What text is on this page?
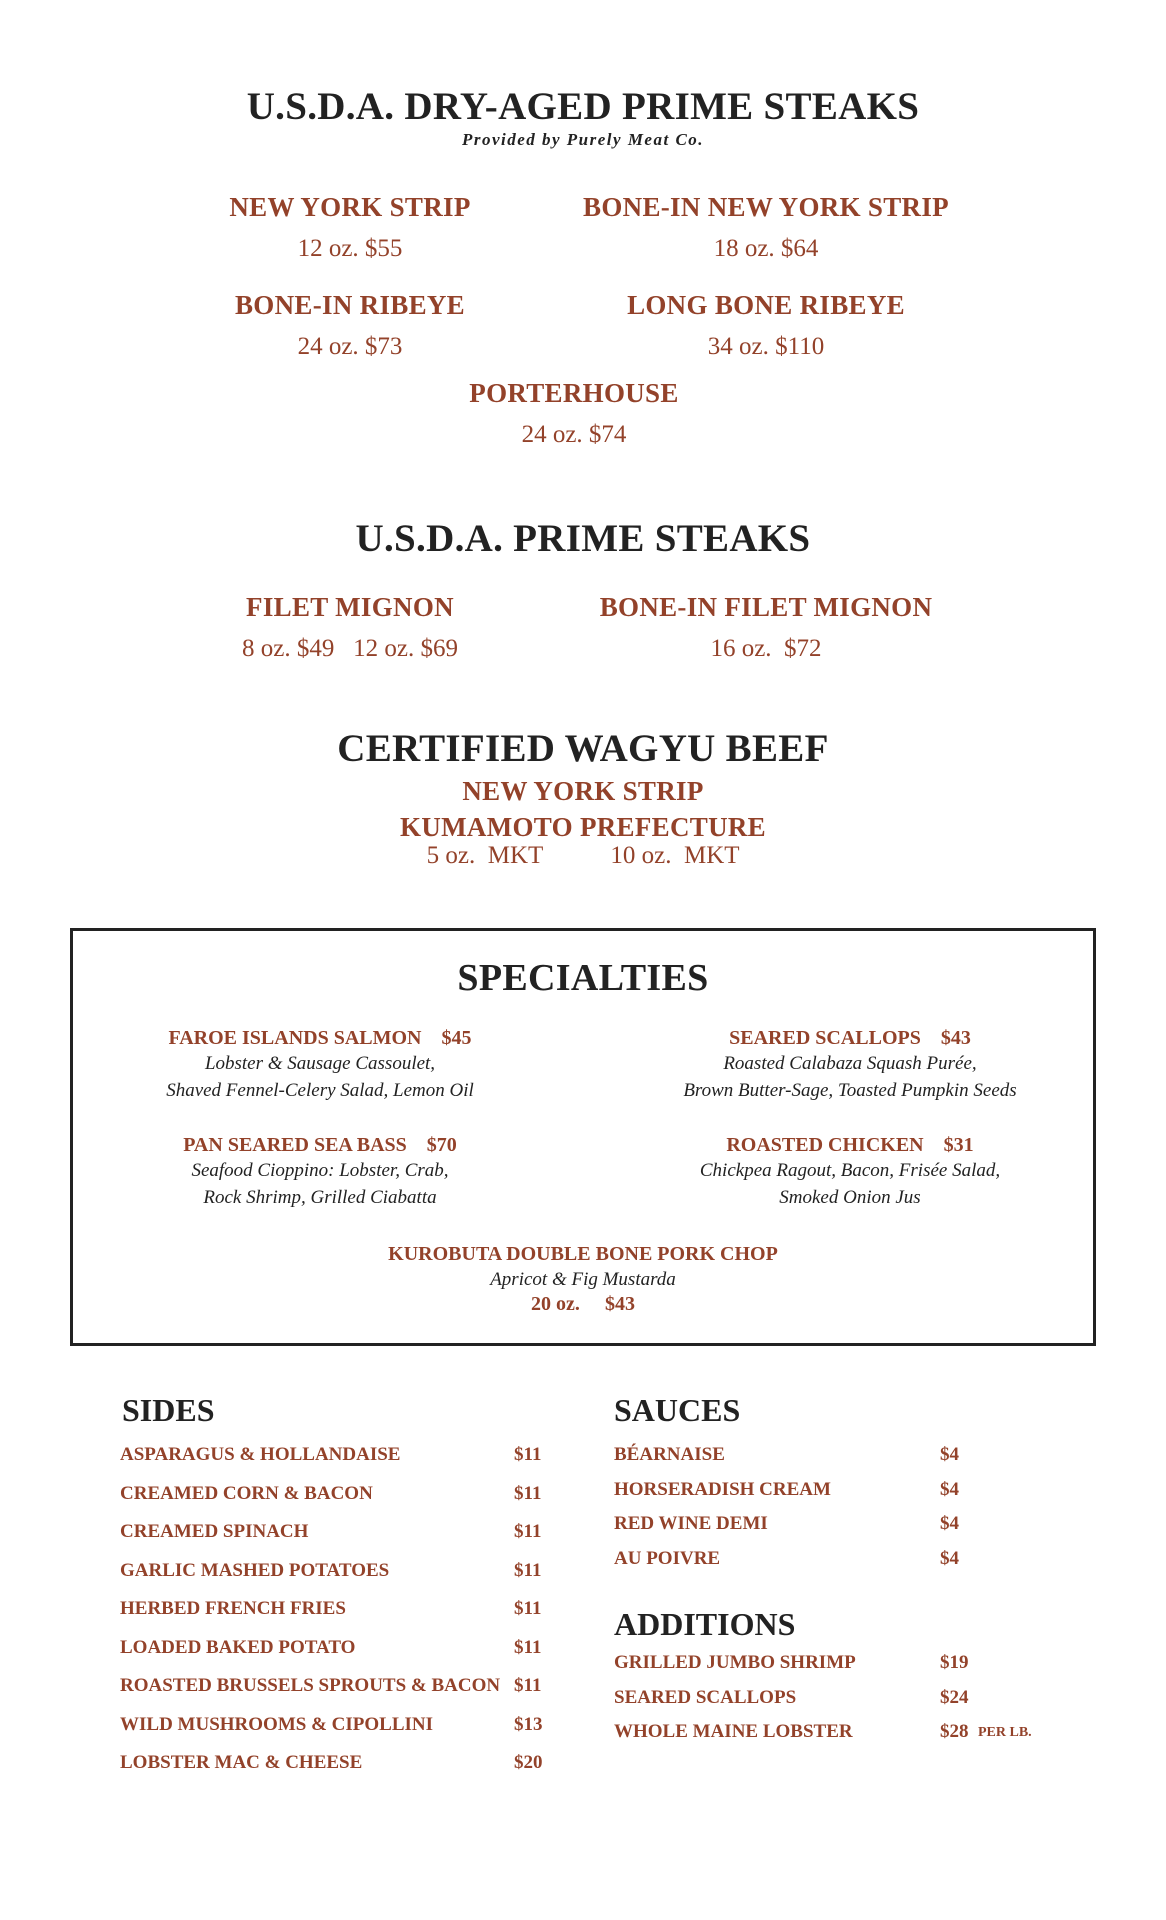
U.S.D.A. DRY-AGED PRIME STEAKS
Provided by Purely Meat Co.
NEW YORK STRIP
12 oz. $55
BONE-IN NEW YORK STRIP
18 oz. $64
BONE-IN RIBEYE
24 oz. $73
LONG BONE RIBEYE
34 oz. $110
PORTERHOUSE
24 oz. $74
U.S.D.A. PRIME STEAKS
FILET MIGNON
8 oz. $49   12 oz. $69
BONE-IN FILET MIGNON
16 oz.  $72
CERTIFIED WAGYU BEEF
NEW YORK STRIP
KUMAMOTO PREFECTURE
5 oz.  MKT	10 oz.  MKT
SPECIALTIES
FAROE ISLANDS SALMON $45
Lobster & Sausage Cassoulet,
Shaved Fennel-Celery Salad, Lemon Oil
SEARED SCALLOPS $43
Roasted Calabaza Squash Purée,
Brown Butter-Sage, Toasted Pumpkin Seeds
PAN SEARED SEA BASS $70
Seafood Cioppino: Lobster, Crab,
Rock Shrimp, Grilled Ciabatta
ROASTED CHICKEN $31
Chickpea Ragout, Bacon, Frisée Salad,
Smoked Onion Jus
KUROBUTA DOUBLE BONE PORK CHOP
Apricot & Fig Mustarda
20 oz. $43
SIDES
ASPARAGUS & HOLLANDAISE	$11
CREAMED CORN & BACON	$11
CREAMED SPINACH	$11
GARLIC MASHED POTATOES	$11
HERBED FRENCH FRIES	$11
LOADED BAKED POTATO	$11
ROASTED BRUSSELS SPROUTS & BACON $11
WILD MUSHROOMS & CIPOLLINI	$13
LOBSTER MAC & CHEESE	$20
SAUCES
BÉARNAISE	$4
HORSERADISH CREAM	$4
RED WINE DEMI	$4
AU POIVRE	$4
ADDITIONS
GRILLED JUMBO SHRIMP	$19
SEARED SCALLOPS	$24
WHOLE MAINE LOBSTER	$28 PER LB.
